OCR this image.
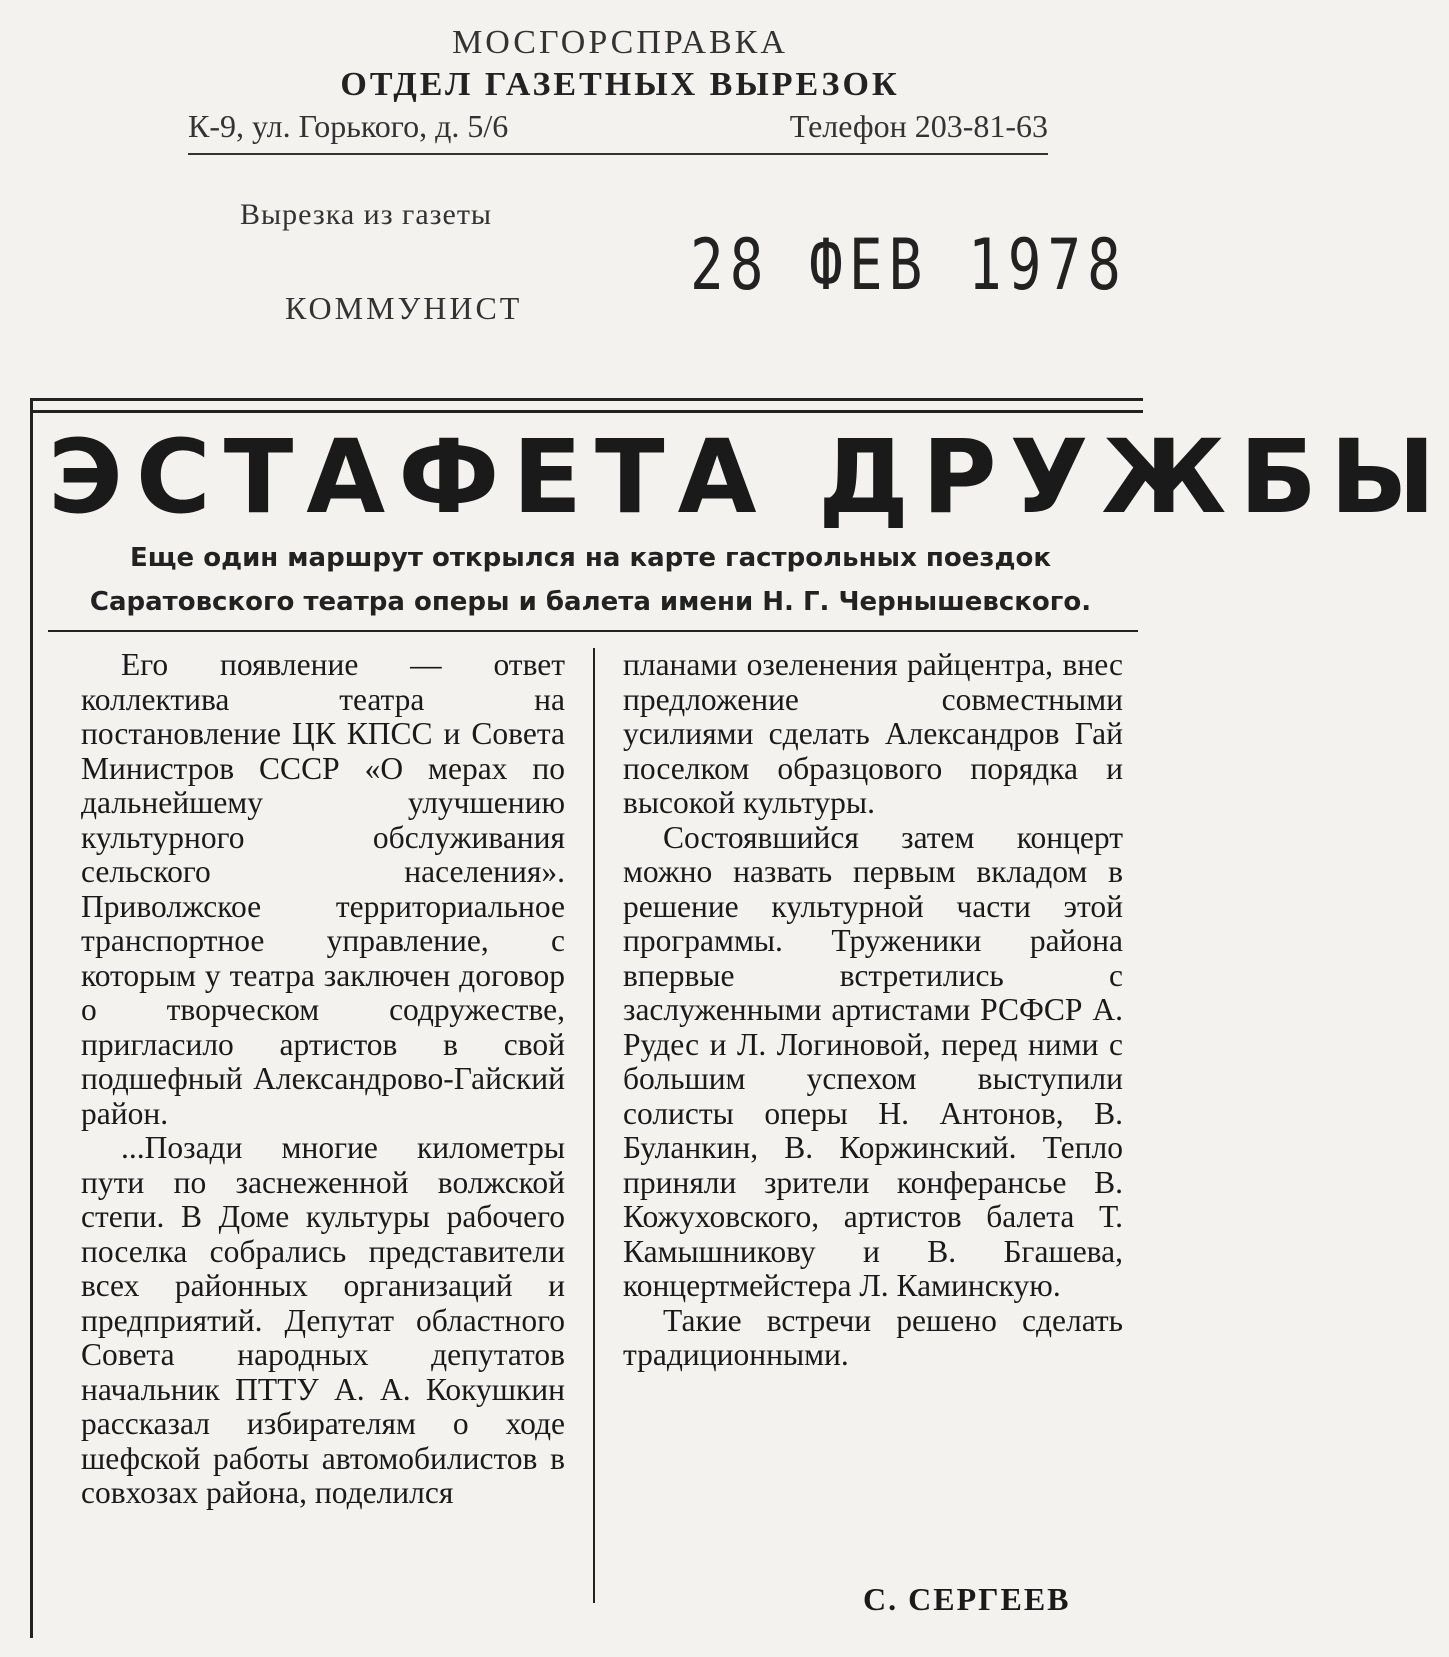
МОСГОРСПРАВКА
ОТДЕЛ ГАЗЕТНЫХ ВЫРЕЗОК
К-9, ул. Горького, д. 5/6	Телефон 203-81-63
Вырезка из газеты
КОММУНИСТ
28 ФЕВ 1978
ЭСТАФЕТА ДРУЖБЫ
Еще один маршрут открылся на карте гастрольных поездок Саратовского театра оперы и балета имени Н. Г. Чернышевского.

Его появление — ответ коллектива театра на постановление ЦК КПСС и Совета Министров СССР «О мерах по дальнейшему улучшению культурного обслуживания сельского населения». Приволжское территориальное транспортное управление, с которым у театра заключен договор о творческом содружестве, пригласило артистов в свой подшефный Александрово-Гайский район.

...Позади многие километры пути по заснеженной волжской степи. В Доме культуры рабочего поселка собрались представители всех районных организаций и предприятий. Депутат областного Совета народных депутатов начальник ПТТУ А. А. Кокушкин рассказал избирателям о ходе шефской работы автомобилистов в совхозах района, поделился

планами озеленения райцентра, внес предложение совместными усилиями сделать Александров Гай поселком образцового порядка и высокой культуры.

Состоявшийся затем концерт можно назвать первым вкладом в решение культурной части этой программы. Труженики района впервые встретились с заслуженными артистами РСФСР А. Рудес и Л. Логиновой, перед ними с большим успехом выступили солисты оперы Н. Антонов, В. Буланкин, В. Коржинский. Тепло приняли зрители конферансье В. Кожуховского, артистов балета Т. Камышникову и В. Бгашева, концертмейстера Л. Каминскую.

Такие встречи решено сделать традиционными.

С. СЕРГЕЕВ
